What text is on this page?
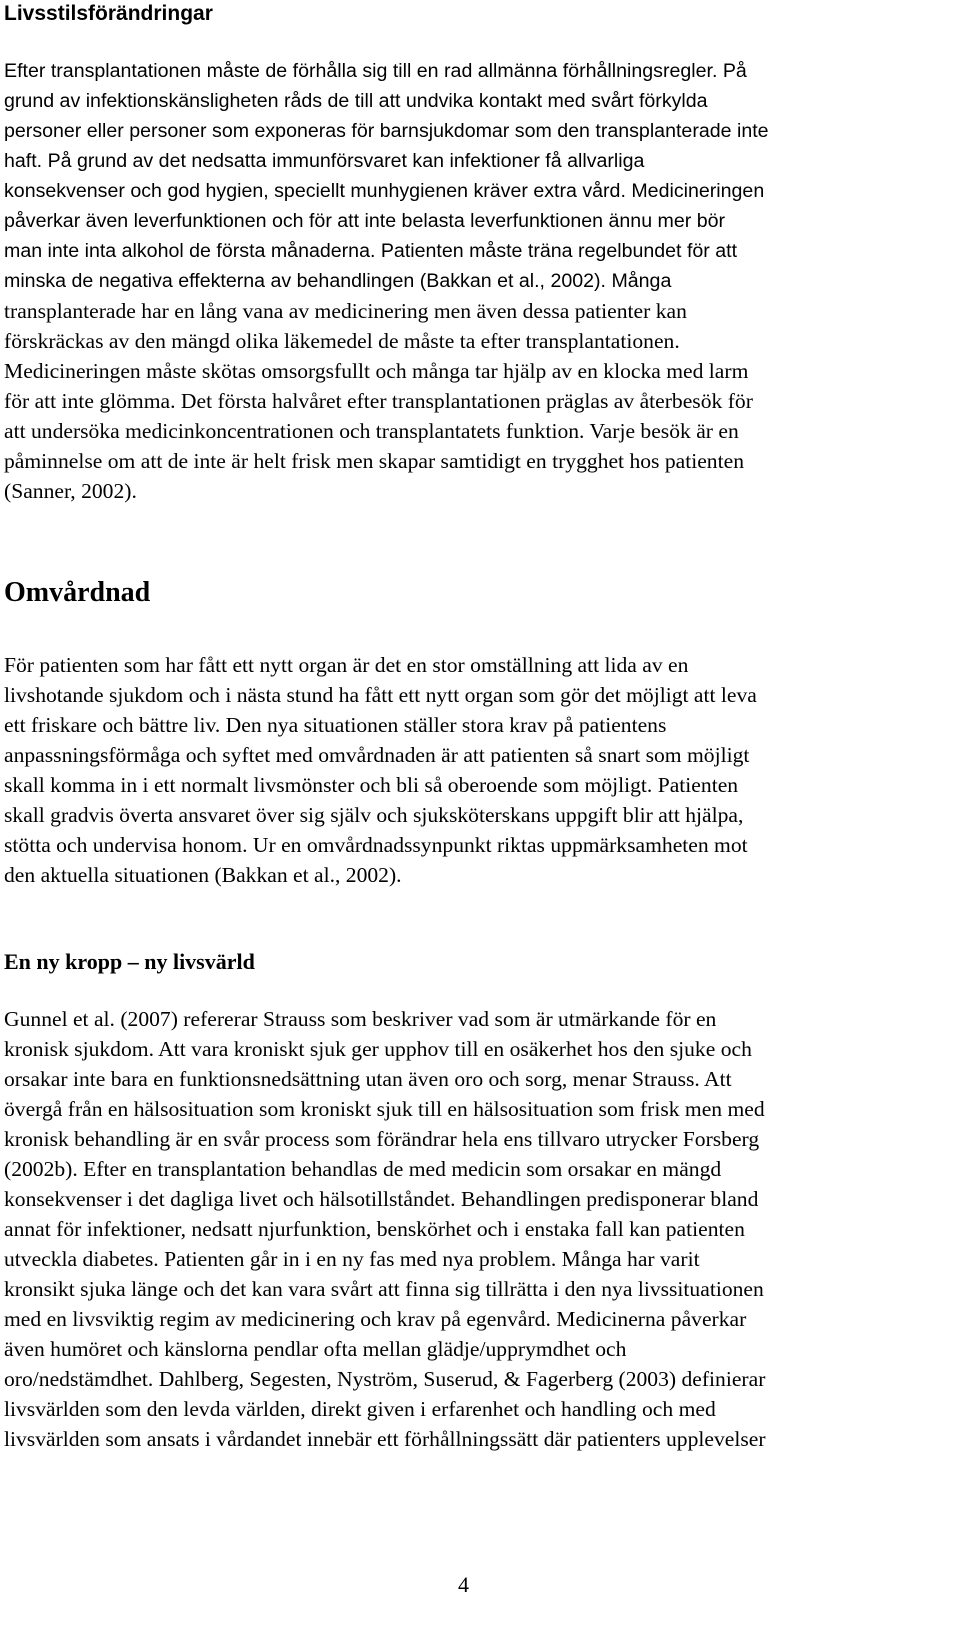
Livsstilsförändringar
Efter transplantationen måste de förhålla sig till en rad allmänna förhållningsregler. På
grund av infektionskänsligheten råds de till att undvika kontakt med svårt förkylda
personer eller personer som exponeras för barnsjukdomar som den transplanterade inte
haft. På grund av det nedsatta immunförsvaret kan infektioner få allvarliga
konsekvenser och god hygien, speciellt munhygienen kräver extra vård. Medicineringen
påverkar även leverfunktionen och för att inte belasta leverfunktionen ännu mer bör
man inte inta alkohol de första månaderna. Patienten måste träna regelbundet för att
minska de negativa effekterna av behandlingen (Bakkan et al., 2002). Många
transplanterade har en lång vana av medicinering men även dessa patienter kan
förskräckas av den mängd olika läkemedel de måste ta efter transplantationen.
Medicineringen måste skötas omsorgsfullt och många tar hjälp av en klocka med larm
för att inte glömma. Det första halvåret efter transplantationen präglas av återbesök för
att undersöka medicinkoncentrationen och transplantatets funktion. Varje besök är en
påminnelse om att de inte är helt frisk men skapar samtidigt en trygghet hos patienten
(Sanner, 2002).
Omvårdnad
För patienten som har fått ett nytt organ är det en stor omställning att lida av en
livshotande sjukdom och i nästa stund ha fått ett nytt organ som gör det möjligt att leva
ett friskare och bättre liv. Den nya situationen ställer stora krav på patientens
anpassningsförmåga och syftet med omvårdnaden är att patienten så snart som möjligt
skall komma in i ett normalt livsmönster och bli så oberoende som möjligt. Patienten
skall gradvis överta ansvaret över sig själv och sjuksköterskans uppgift blir att hjälpa,
stötta och undervisa honom. Ur en omvårdnadssynpunkt riktas uppmärksamheten mot
den aktuella situationen (Bakkan et al., 2002).
En ny kropp – ny livsvärld
Gunnel et al. (2007) refererar Strauss som beskriver vad som är utmärkande för en
kronisk sjukdom. Att vara kroniskt sjuk ger upphov till en osäkerhet hos den sjuke och
orsakar inte bara en funktionsnedsättning utan även oro och sorg, menar Strauss. Att
övergå från en hälsosituation som kroniskt sjuk till en hälsosituation som frisk men med
kronisk behandling är en svår process som förändrar hela ens tillvaro utrycker Forsberg
(2002b). Efter en transplantation behandlas de med medicin som orsakar en mängd
konsekvenser i det dagliga livet och hälsotillståndet. Behandlingen predisponerar bland
annat för infektioner, nedsatt njurfunktion, benskörhet och i enstaka fall kan patienten
utveckla diabetes. Patienten går in i en ny fas med nya problem. Många har varit
kronsikt sjuka länge och det kan vara svårt att finna sig tillrätta i den nya livssituationen
med en livsviktig regim av medicinering och krav på egenvård. Medicinerna påverkar
även humöret och känslorna pendlar ofta mellan glädje/upprymdhet och
oro/nedstämdhet. Dahlberg, Segesten, Nyström, Suserud, & Fagerberg (2003) definierar
livsvärlden som den levda världen, direkt given i erfarenhet och handling och med
livsvärlden som ansats i vårdandet innebär ett förhållningssätt där patienters upplevelser
4
